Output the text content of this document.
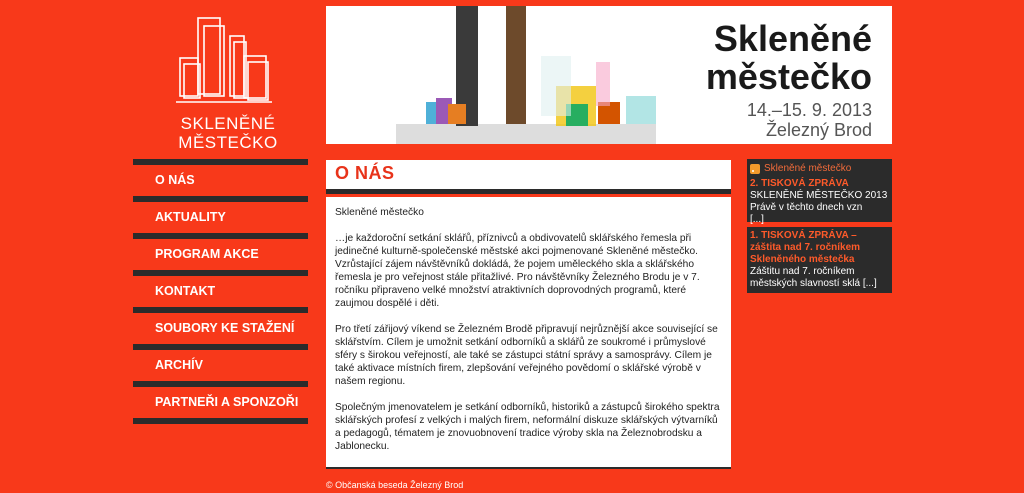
SKLENĚNÉ
MĚSTEČKO
Skleněné
městečko
14.–15. 9. 2013
Železný Brod
O NÁS
AKTUALITY
PROGRAM AKCE
KONTAKT
SOUBORY KE STAŽENÍ
ARCHÍV
PARTNEŘI A SPONZOŘI
O NÁS

Skleněné městečko

…je každoroční setkání sklářů, příznivců a obdivovatelů sklářského řemesla při jedinečné kulturně-společenské městské akci pojmenované Skleněné městečko.
Vzrůstající zájem návštěvníků dokládá, že pojem uměleckého skla a sklářského řemesla je pro veřejnost stále přitažlivé. Pro návštěvníky Železného Brodu je v 7. ročníku připraveno velké množství atraktivních doprovodných programů, které zaujmou dospělé i děti.

Pro třetí zářijový víkend se Železném Brodě připravují nejrůznější akce související se sklářstvím. Cílem je umožnit setkání odborníků a sklářů ze soukromé i průmyslové sféry s širokou veřejností, ale také se zástupci státní správy a samosprávy. Cílem je také aktivace místních firem, zlepšování veřejného povědomí o sklářské výrobě v našem regionu.

Společným jmenovatelem je setkání odborníků, historiků a zástupců širokého spektra sklářských profesí z velkých i malých firem, neformální diskuze sklářských výtvarníků a pedagogů, tématem je znovuobnovení tradice výroby skla na Železnobrodsku a Jablonecku.

© Občanská beseda Železný Brod
Skleněné městečko
2. TISKOVÁ ZPRÁVA
SKLENĚNÉ MĚSTEČKO 2013 Právě v těchto dnech vzn
[...]
1. TISKOVÁ ZPRÁVA – záštita nad 7. ročníkem Skleněného městečka
Záštitu nad 7. ročníkem městských slavností sklá [...]
